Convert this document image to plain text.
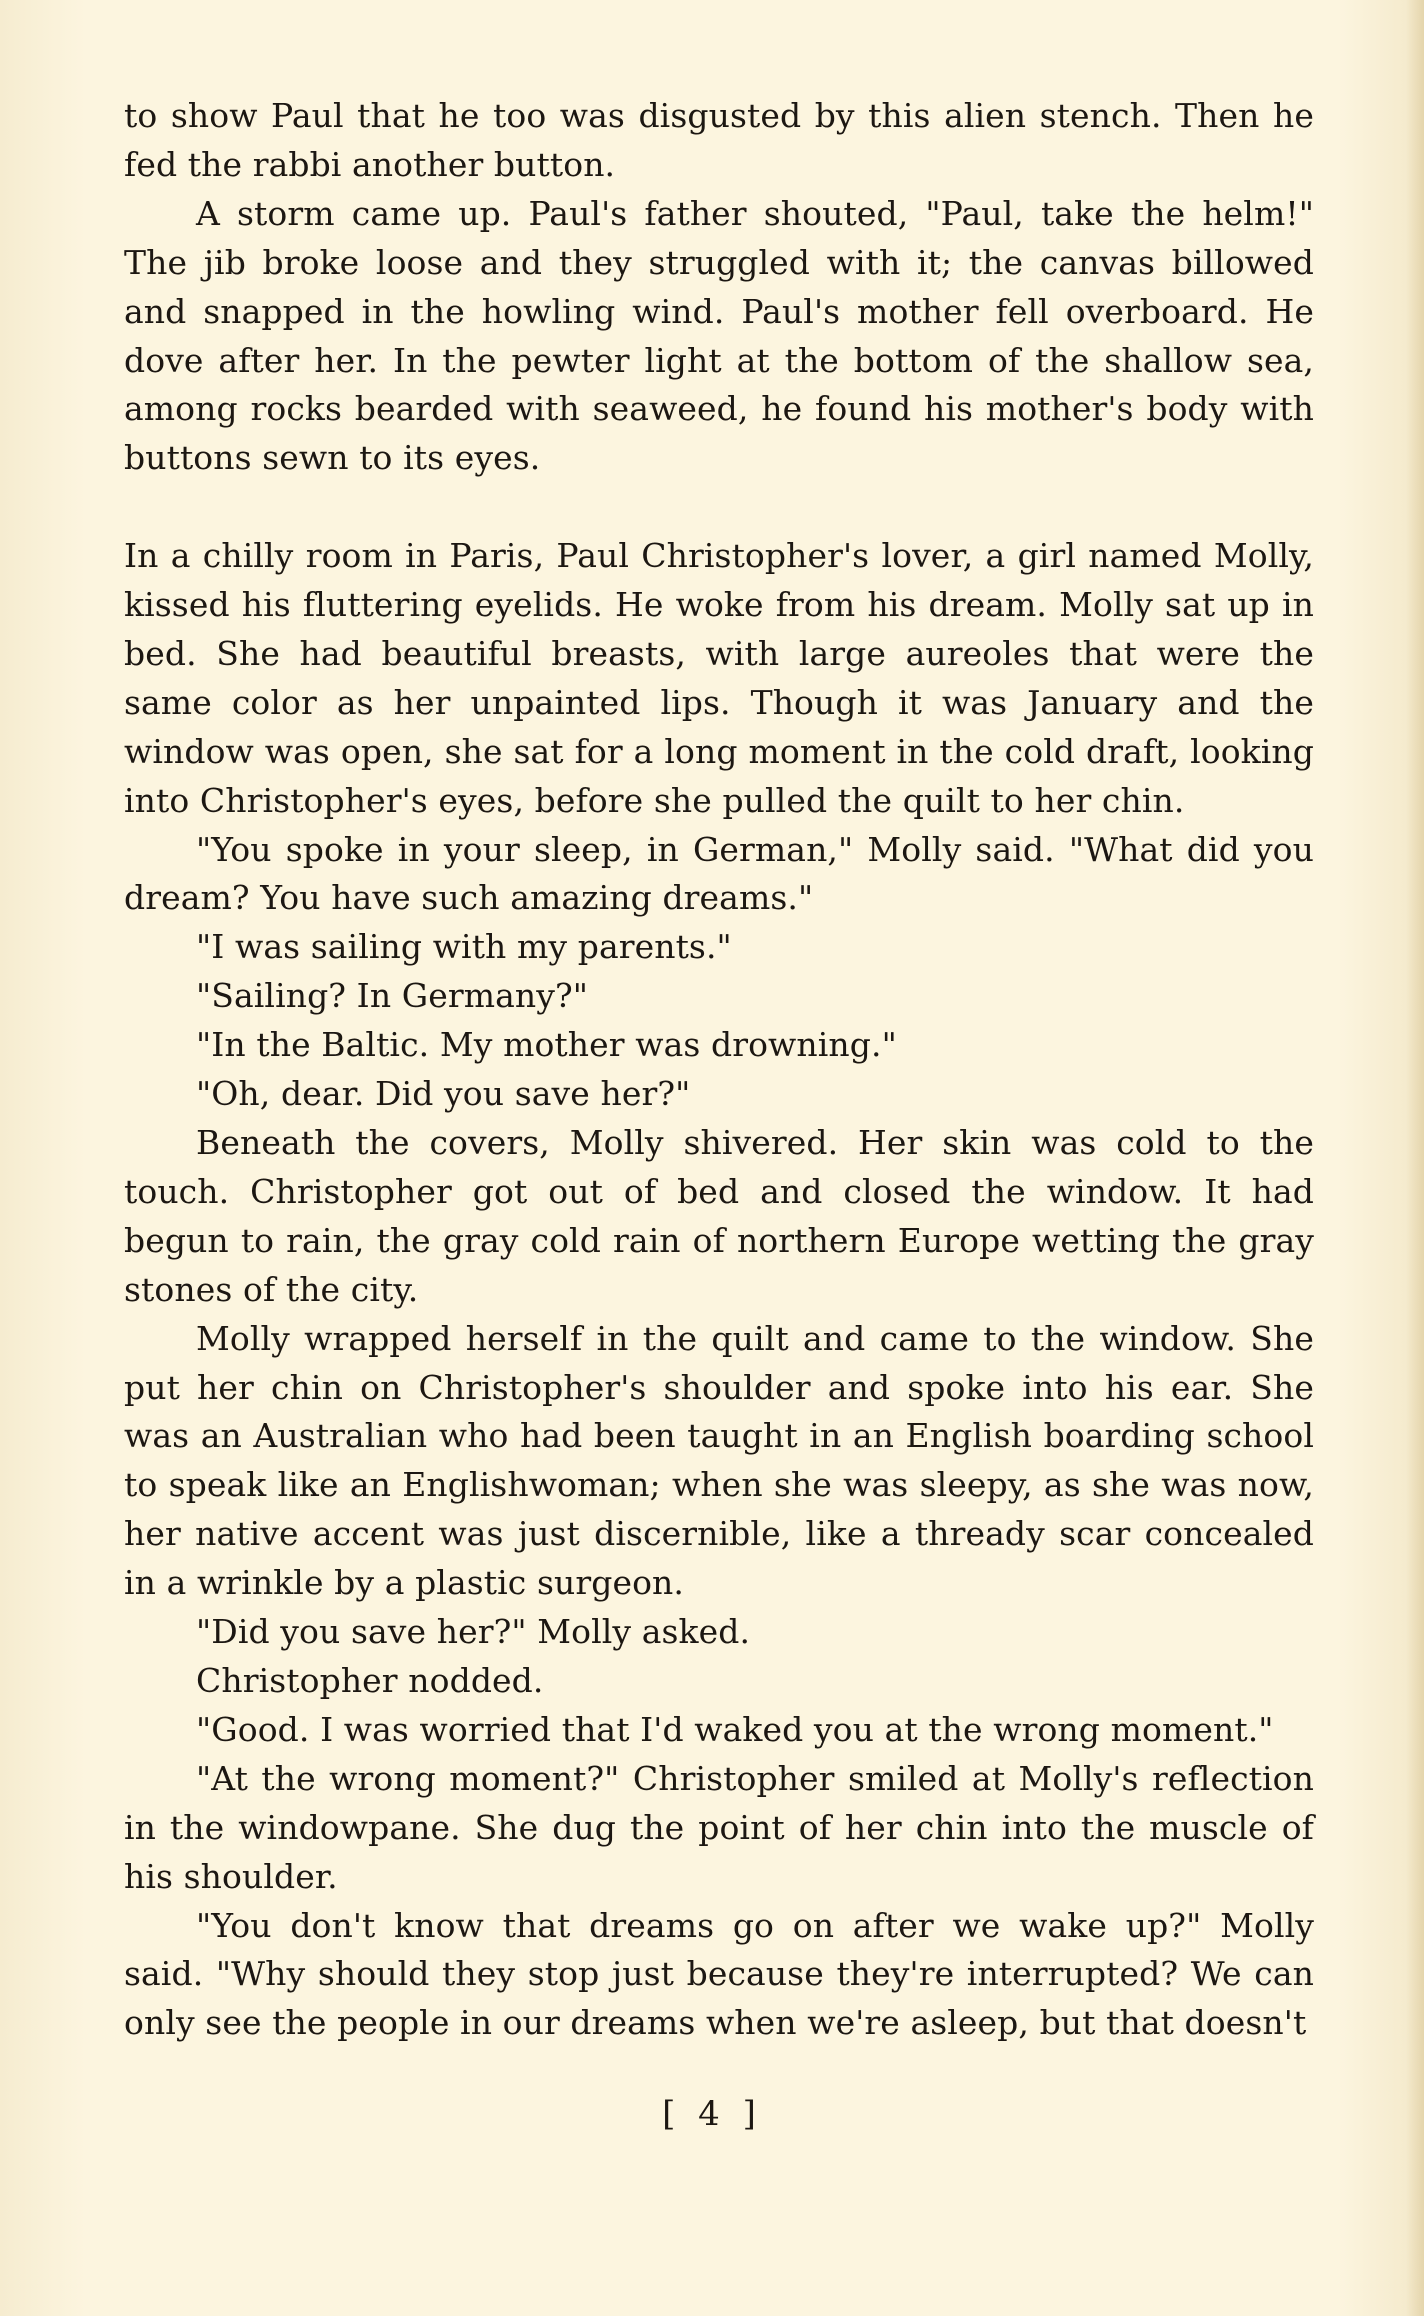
to show Paul that he too was disgusted by this alien stench. Then he fed the rabbi another button.

A storm came up. Paul's father shouted, "Paul, take the helm!" The jib broke loose and they struggled with it; the canvas billowed and snapped in the howling wind. Paul's mother fell overboard. He dove after her. In the pewter light at the bottom of the shallow sea, among rocks bearded with seaweed, he found his mother's body with buttons sewn to its eyes.

In a chilly room in Paris, Paul Christopher's lover, a girl named Molly, kissed his fluttering eyelids. He woke from his dream. Molly sat up in bed. She had beautiful breasts, with large aureoles that were the same color as her unpainted lips. Though it was January and the window was open, she sat for a long moment in the cold draft, looking into Christopher's eyes, before she pulled the quilt to her chin.

"You spoke in your sleep, in German," Molly said. "What did you dream? You have such amazing dreams."

"I was sailing with my parents."

"Sailing? In Germany?"

"In the Baltic. My mother was drowning."

"Oh, dear. Did you save her?"

Beneath the covers, Molly shivered. Her skin was cold to the touch. Christopher got out of bed and closed the window. It had begun to rain, the gray cold rain of northern Europe wetting the gray stones of the city.

Molly wrapped herself in the quilt and came to the window. She put her chin on Christopher's shoulder and spoke into his ear. She was an Australian who had been taught in an English boarding school to speak like an Englishwoman; when she was sleepy, as she was now, her native accent was just discernible, like a thready scar concealed in a wrinkle by a plastic surgeon.

"Did you save her?" Molly asked.

Christopher nodded.

"Good. I was worried that I'd waked you at the wrong moment."

"At the wrong moment?" Christopher smiled at Molly's reflection in the windowpane. She dug the point of her chin into the muscle of his shoulder.

"You don't know that dreams go on after we wake up?" Molly said. "Why should they stop just because they're interrupted? We can only see the people in our dreams when we're asleep, but that doesn't

[ 4 ]
